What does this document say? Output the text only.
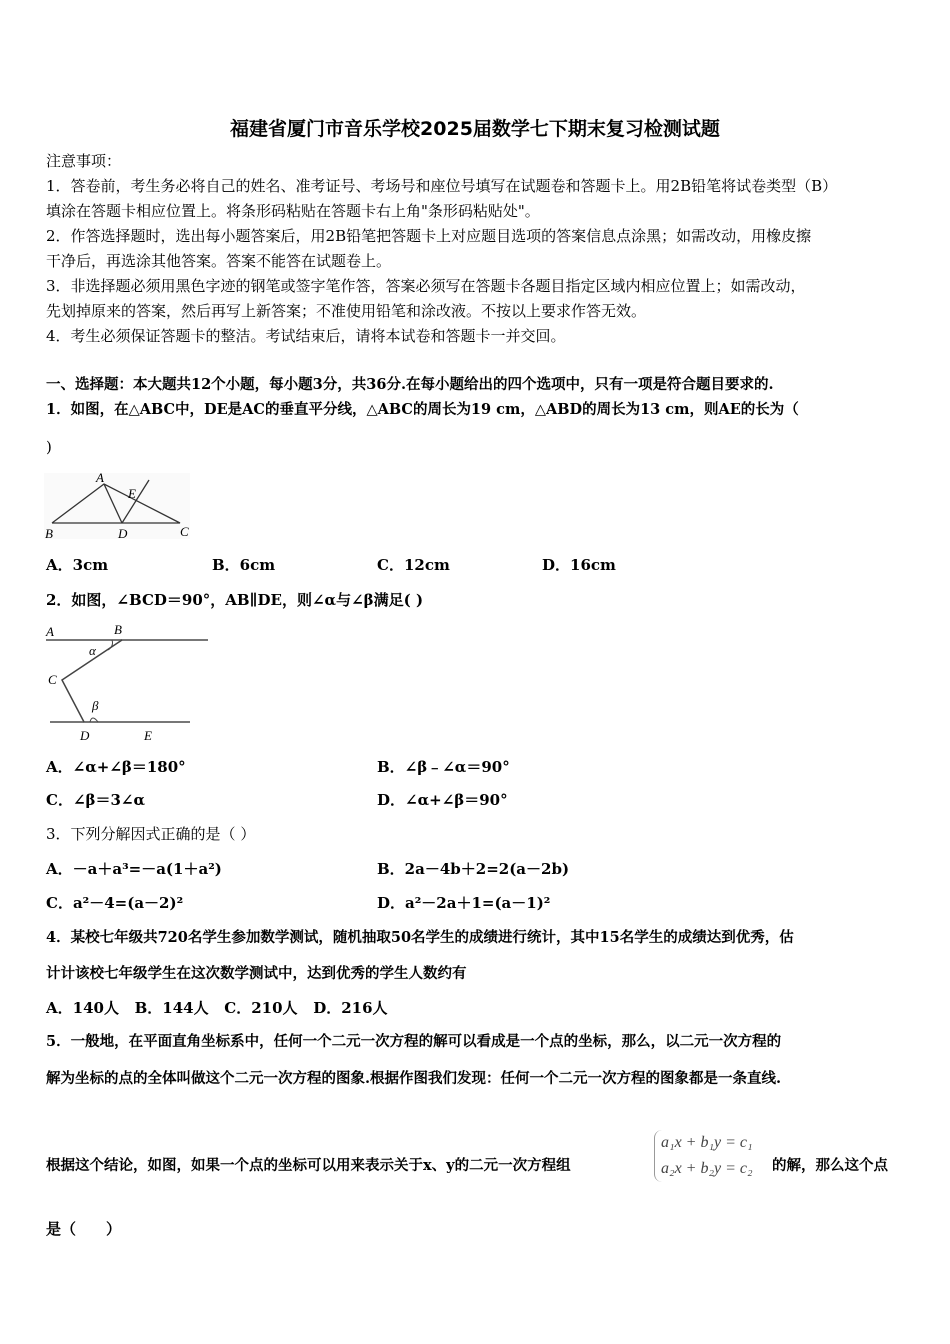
福建省厦门市音乐学校2025届数学七下期末复习检测试题
注意事项：
1．答卷前，考生务必将自己的姓名、准考证号、考场号和座位号填写在试题卷和答题卡上。用2B铅笔将试卷类型（B）
填涂在答题卡相应位置上。将条形码粘贴在答题卡右上角"条形码粘贴处"。
2．作答选择题时，选出每小题答案后，用2B铅笔把答题卡上对应题目选项的答案信息点涂黑；如需改动，用橡皮擦
干净后，再选涂其他答案。答案不能答在试题卷上。
3．非选择题必须用黑色字迹的钢笔或签字笔作答，答案必须写在答题卡各题目指定区域内相应位置上；如需改动，
先划掉原来的答案，然后再写上新答案；不准使用铅笔和涂改液。不按以上要求作答无效。
4．考生必须保证答题卡的整洁。考试结束后，请将本试卷和答题卡一并交回。
一、选择题：本大题共12个小题，每小题3分，共36分.在每小题给出的四个选项中，只有一项是符合题目要求的.
1．如图，在△ABC中，DE是AC的垂直平分线，△ABC的周长为19 cm，△ABD的周长为13 cm，则AE的长为（
)
A
E
B	D	C
A．3cm	B．6cm	C．12cm	D．16cm
2．如图，∠BCD＝90°，AB∥DE，则∠α与∠β满足( )
A	B
α
C
β
D	E
A．∠α+∠β＝180°	B．∠β﹣∠α＝90°
C．∠β＝3∠α	D．∠α+∠β＝90°
3．下列分解因式正确的是（ ）
A．－a＋a³=－a(1＋a²)	B．2a－4b＋2=2(a－2b)
C．a²－4=(a－2)²	D．a²－2a＋1=(a－1)²
4．某校七年级共720名学生参加数学测试，随机抽取50名学生的成绩进行统计，其中15名学生的成绩达到优秀，估
计计该校七年级学生在这次数学测试中，达到优秀的学生人数约有
A．140人   B．144人   C．210人   D．216人
5．一般地，在平面直角坐标系中，任何一个二元一次方程的解可以看成是一个点的坐标，那么，以二元一次方程的
解为坐标的点的全体叫做这个二元一次方程的图象.根据作图我们发现：任何一个二元一次方程的图象都是一条直线.
根据这个结论，如图，如果一个点的坐标可以用来表示关于x、y的二元一次方程组
a₁x + b₁y = c₁
a₂x + b₂y = c₂ 的解，那么这个点
是（　　）
